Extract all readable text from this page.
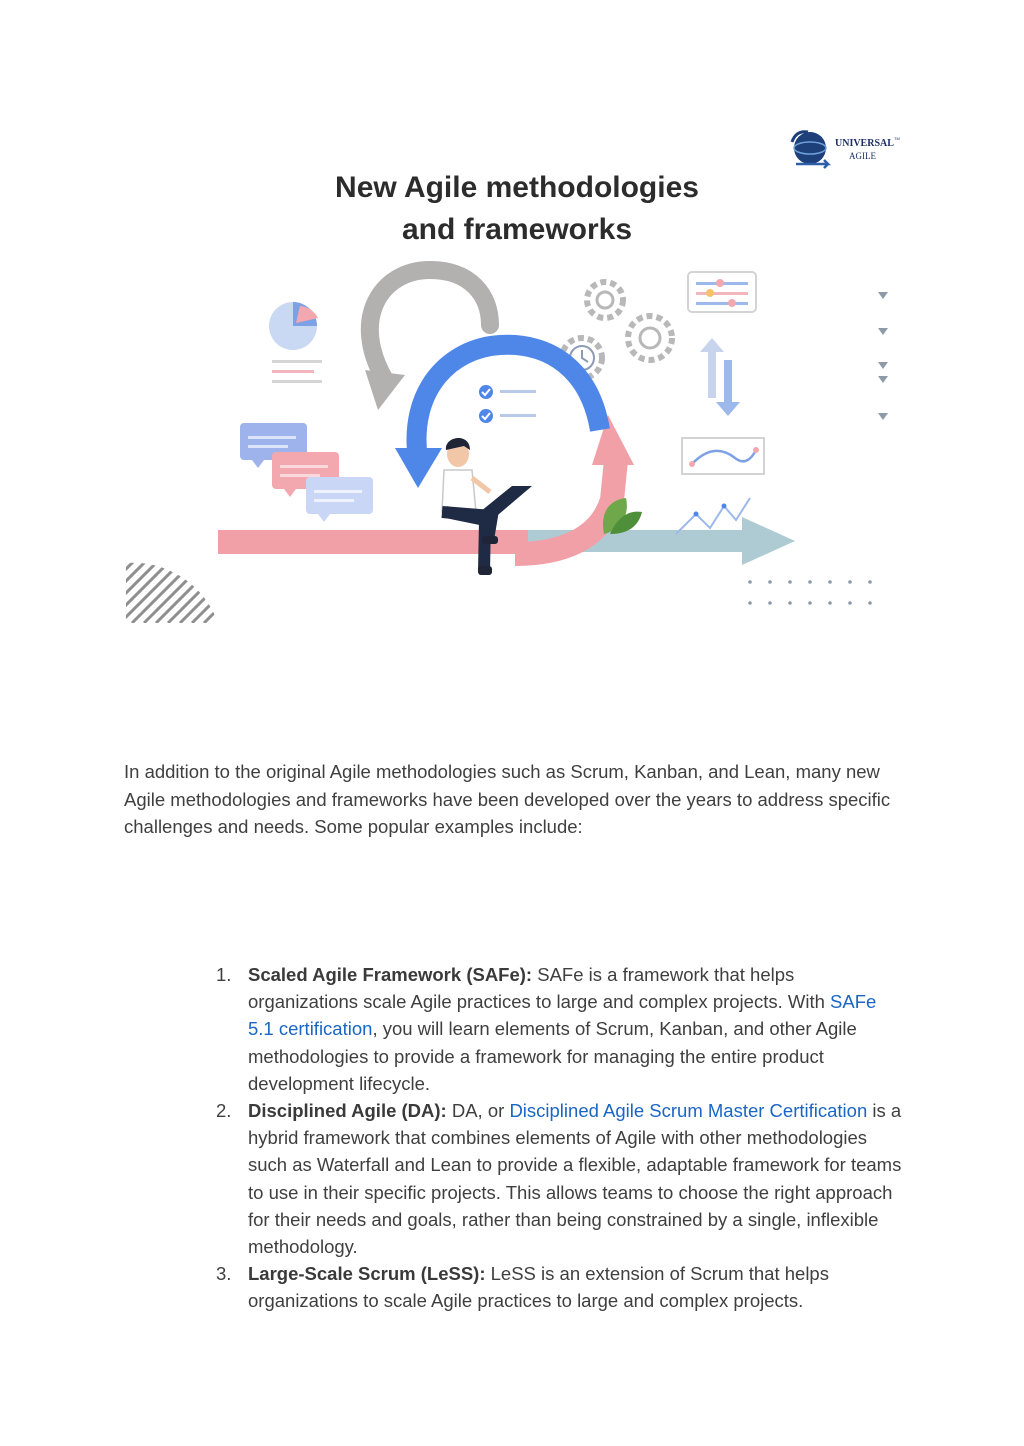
UNIVERSAL TM
AGILE
New Agile methodologies
and frameworks

In addition to the original Agile methodologies such as Scrum, Kanban, and Lean, many new Agile methodologies and frameworks have been developed over the years to address specific challenges and needs. Some popular examples include:

1. Scaled Agile Framework (SAFe): SAFe is a framework that helps organizations scale Agile practices to large and complex projects. With SAFe 5.1 certification, you will learn elements of Scrum, Kanban, and other Agile methodologies to provide a framework for managing the entire product development lifecycle.
2. Disciplined Agile (DA): DA, or Disciplined Agile Scrum Master Certification is a hybrid framework that combines elements of Agile with other methodologies such as Waterfall and Lean to provide a flexible, adaptable framework for teams to use in their specific projects. This allows teams to choose the right approach for their needs and goals, rather than being constrained by a single, inflexible methodology.
3. Large-Scale Scrum (LeSS): LeSS is an extension of Scrum that helps organizations to scale Agile practices to large and complex projects.
